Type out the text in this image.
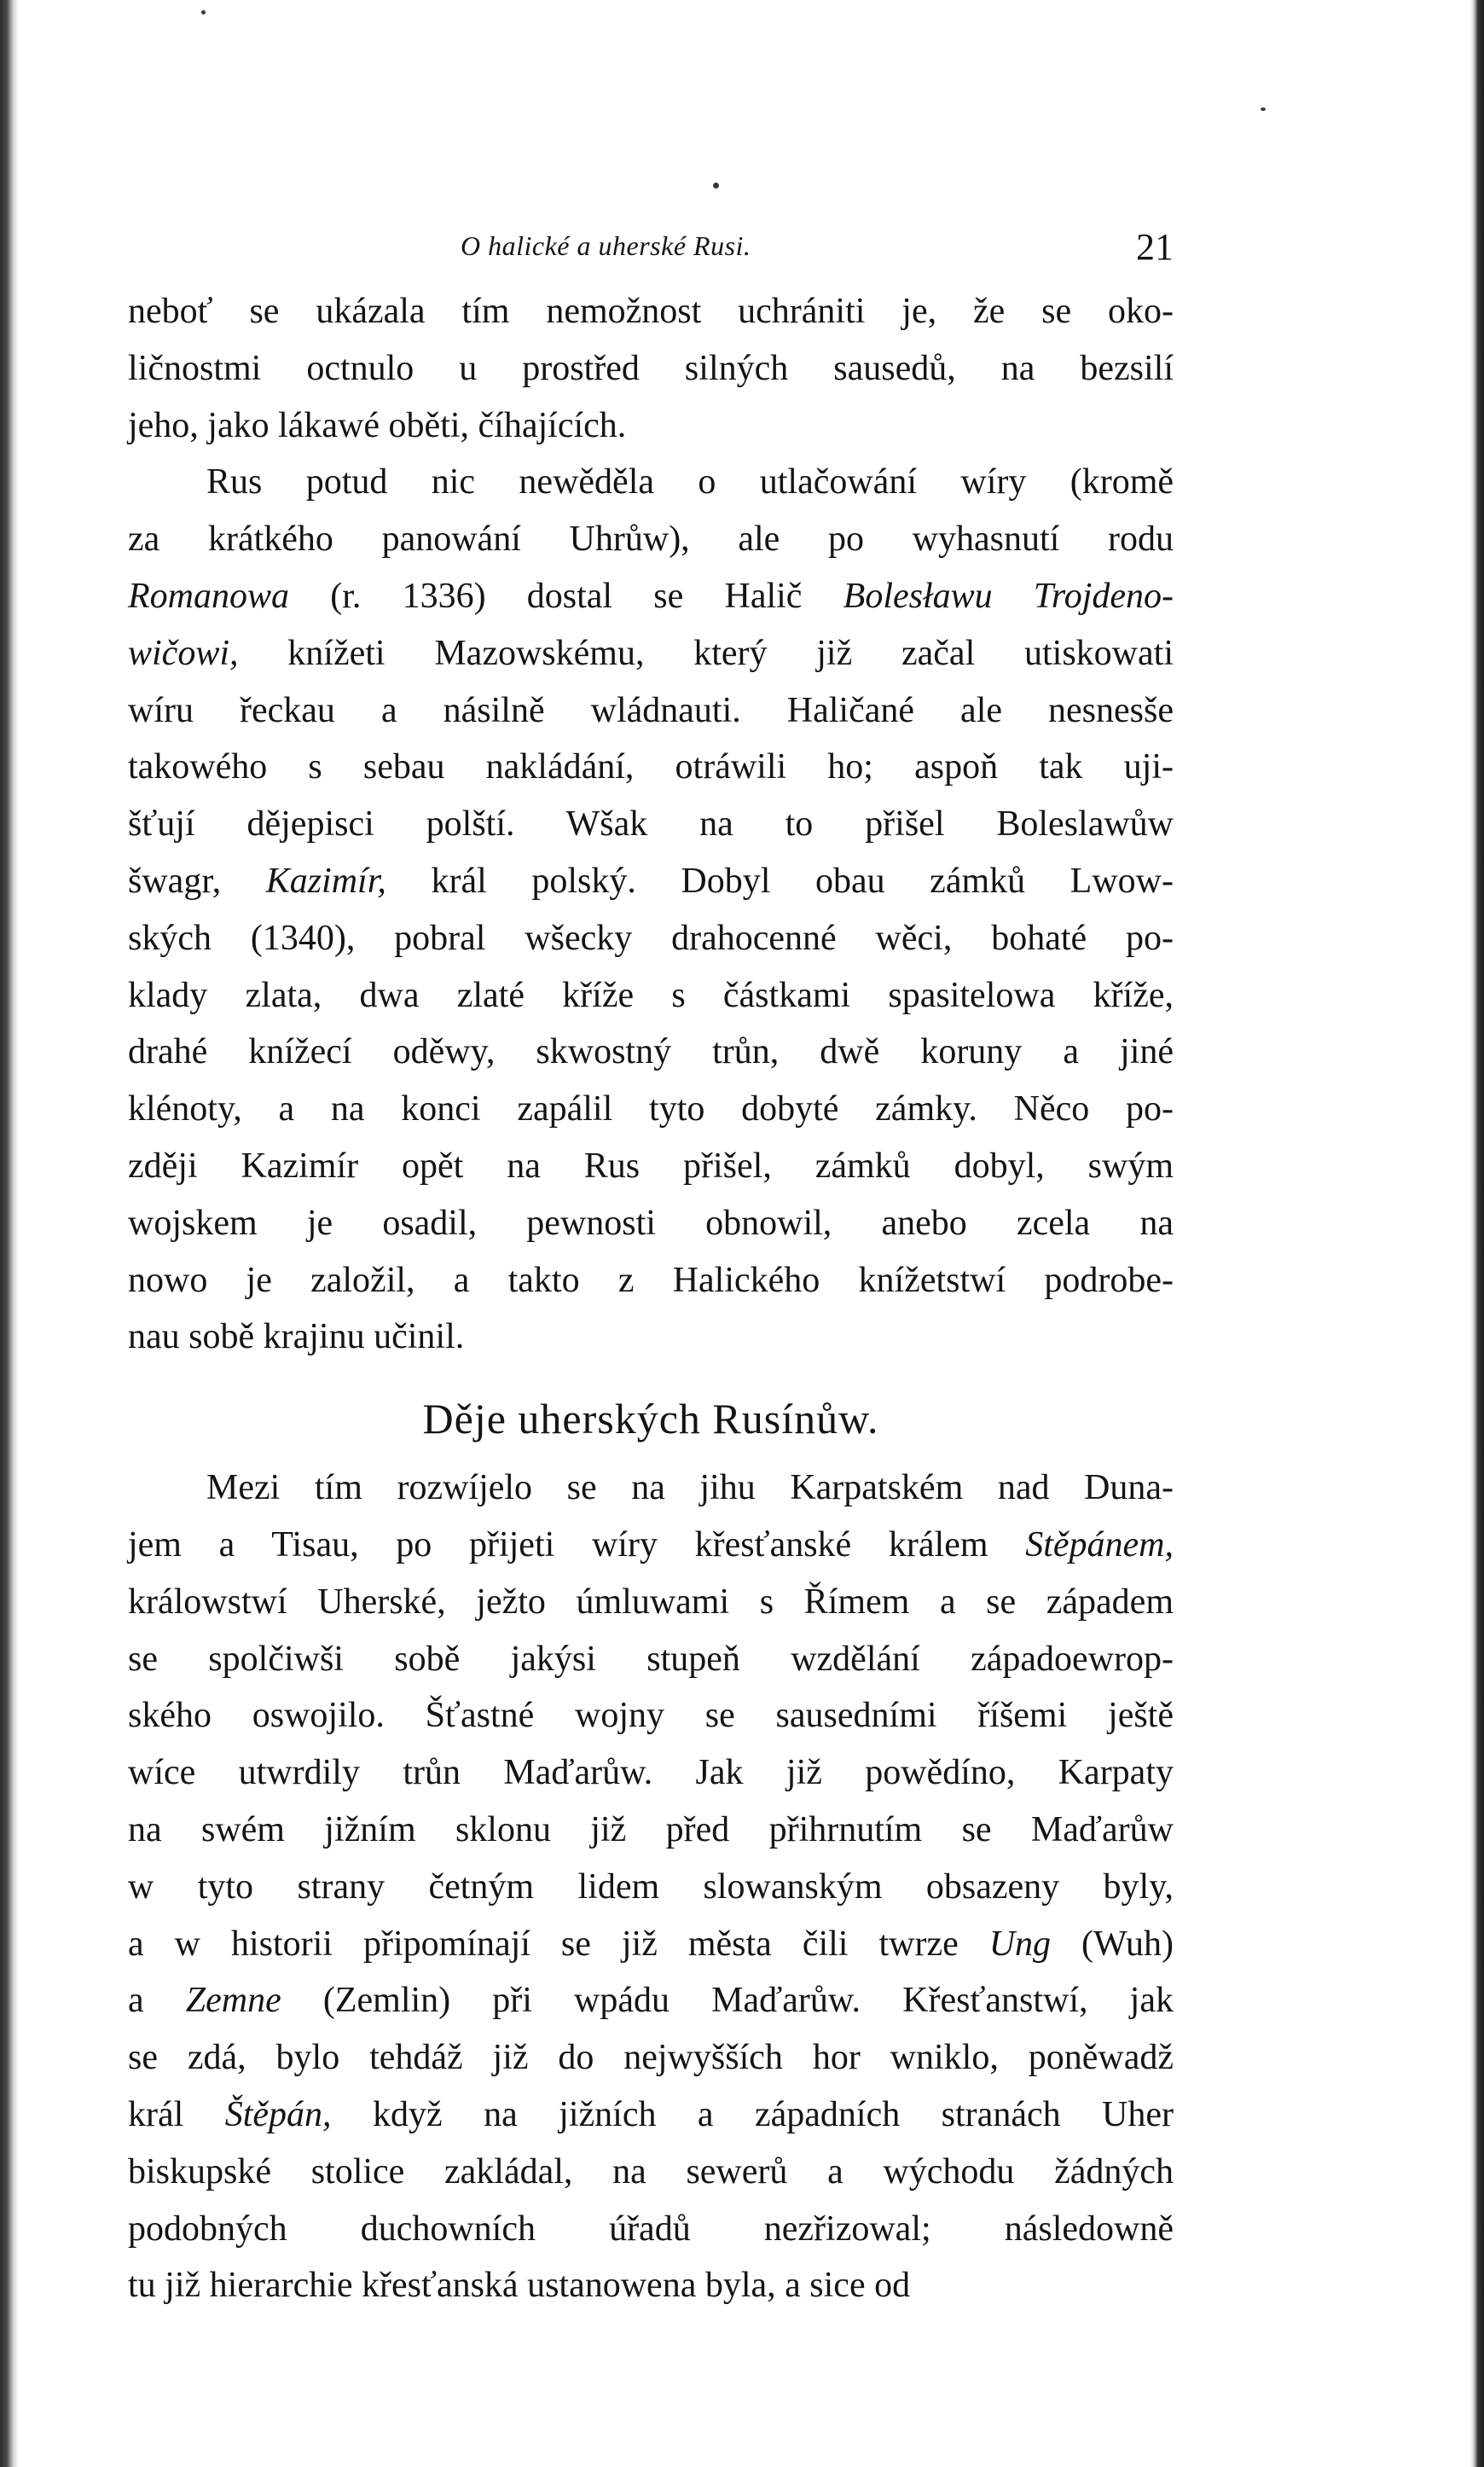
O halické a uherské Rusi.	21
neboť se ukázala tím nemožnost uchrániti je, že se oko-
ličnostmi octnulo u prostřed silných sausedů, na bezsilí
jeho, jako lákawé oběti, číhajících.
Rus potud nic newěděla o utlačowání wíry (kromě
za krátkého panowání Uhrůw), ale po wyhasnutí rodu
Romanowa (r. 1336) dostal se Halič Bolesławu Trojdeno-
wičowi, knížeti Mazowskému, který již začal utiskowati
wíru řeckau a násilně wládnauti. Haličané ale nesnesše
takowého s sebau nakládání, otráwili ho; aspoň tak uji-
šťují dějepisci polští. Wšak na to přišel Boleslawůw
šwagr, Kazimír, král polský. Dobyl obau zámků Lwow-
ských (1340), pobral wšecky drahocenné wěci, bohaté po-
klady zlata, dwa zlaté kříže s částkami spasitelowa kříže,
drahé knížecí oděwy, skwostný trůn, dwě koruny a jiné
klénoty, a na konci zapálil tyto dobyté zámky. Něco po-
zději Kazimír opět na Rus přišel, zámků dobyl, swým
wojskem je osadil, pewnosti obnowil, anebo zcela na
nowo je založil, a takto z Halického knížetstwí podrobe-
nau sobě krajinu učinil.
Děje uherských Rusínůw.
Mezi tím rozwíjelo se na jihu Karpatském nad Duna-
jem a Tisau, po přijeti wíry křesťanské králem Stěpánem,
králowstwí Uherské, ježto úmluwami s Římem a se západem
se spolčiwši sobě jakýsi stupeň wzdělání západoewrop-
ského oswojilo. Šťastné wojny se sausedními říšemi ještě
wíce utwrdily trůn Maďarůw. Jak již powědíno, Karpaty
na swém jižním sklonu již před přihrnutím se Maďarůw
w tyto strany četným lidem slowanským obsazeny byly,
a w historii připomínají se již města čili twrze Ung (Wuh)
a Zemne (Zemlin) při wpádu Maďarůw. Křesťanstwí, jak
se zdá, bylo tehdáž již do nejwyšších hor wniklo, poněwadž
král Štěpán, když na jižních a západních stranách Uher
biskupské stolice zakládal, na sewerů a wýchodu žádných
podobných duchowních úřadů nezřizowal; následowně
tu již hierarchie křesťanská ustanowena byla, a sice od
